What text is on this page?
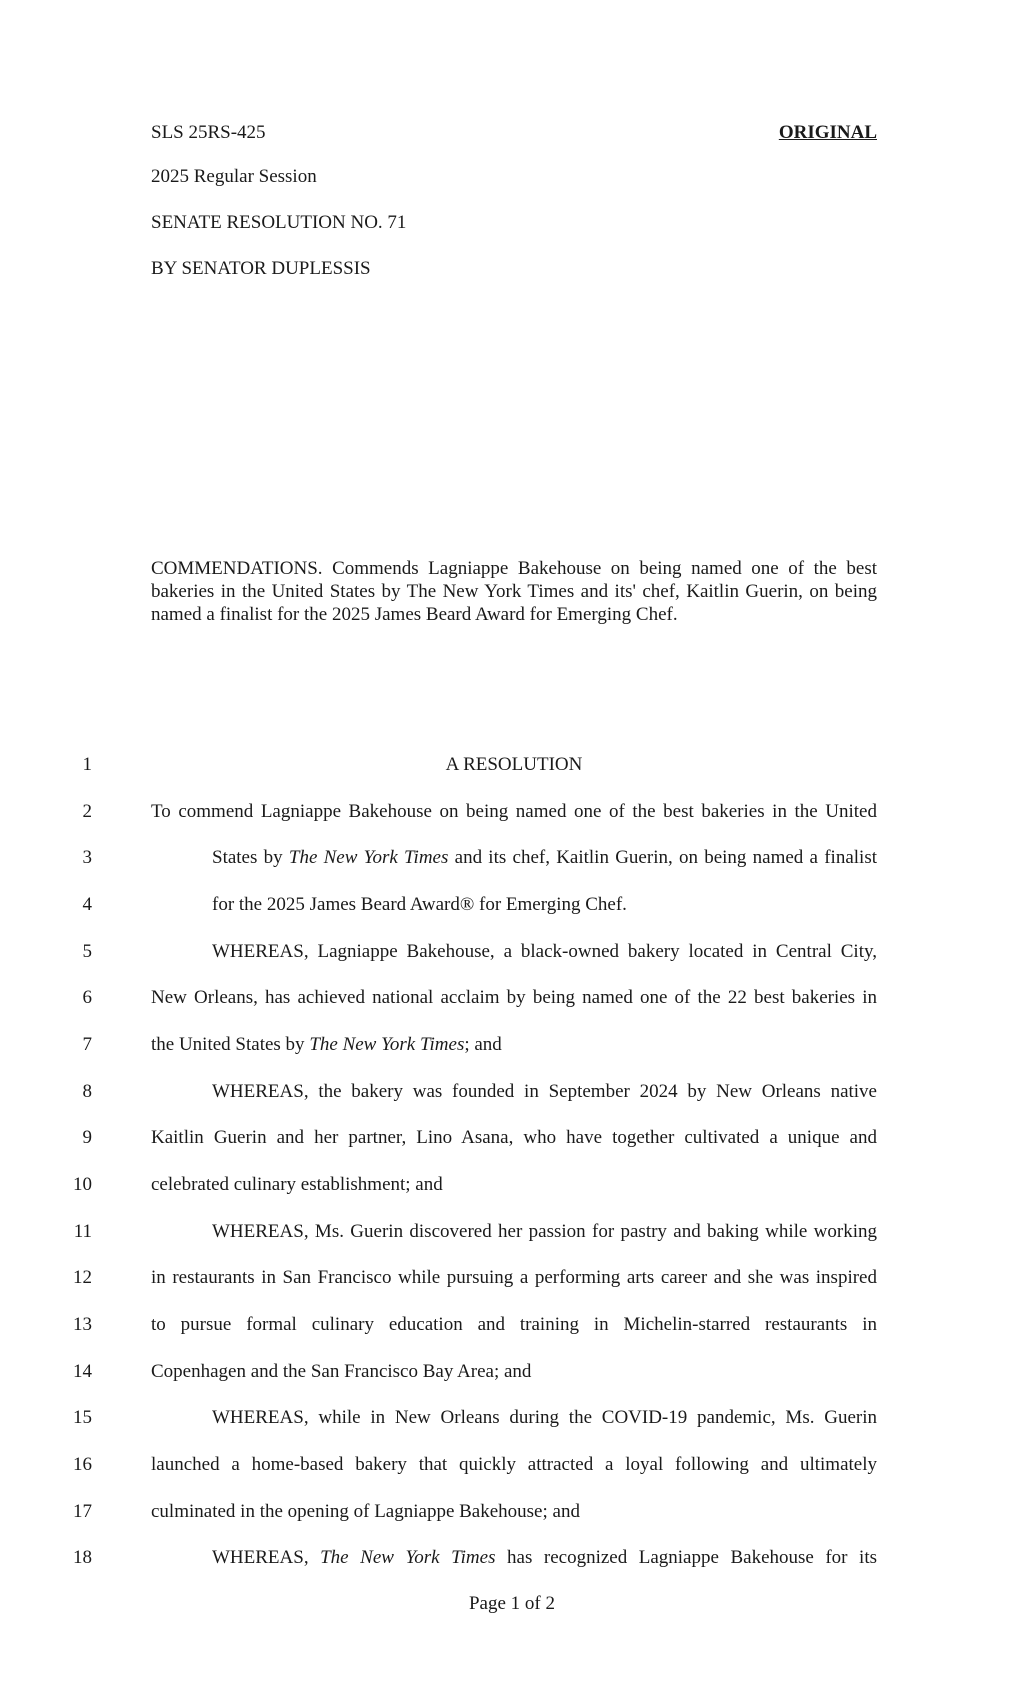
SLS 25RS-425	ORIGINAL
2025 Regular Session
SENATE RESOLUTION NO. 71
BY SENATOR DUPLESSIS
COMMENDATIONS. Commends Lagniappe Bakehouse on being named one of the best bakeries in the United States by The New York Times and its' chef, Kaitlin Guerin, on being named a finalist for the 2025 James Beard Award for Emerging Chef.
1	A RESOLUTION
2	To commend Lagniappe Bakehouse on being named one of the best bakeries in the United
3	States by The New York Times and its chef, Kaitlin Guerin, on being named a finalist
4	for the 2025 James Beard Award® for Emerging Chef.
5	WHEREAS, Lagniappe Bakehouse, a black-owned bakery located in Central City,
6	New Orleans, has achieved national acclaim by being named one of the 22 best bakeries in
7	the United States by The New York Times; and
8	WHEREAS, the bakery was founded in September 2024 by New Orleans native
9	Kaitlin Guerin and her partner, Lino Asana, who have together cultivated a unique and
10	celebrated culinary establishment; and
11	WHEREAS, Ms. Guerin discovered her passion for pastry and baking while working
12	in restaurants in San Francisco while pursuing a performing arts career and she was inspired
13	to pursue formal culinary education and training in Michelin-starred restaurants in
14	Copenhagen and the San Francisco Bay Area; and
15	WHEREAS, while in New Orleans during the COVID-19 pandemic, Ms. Guerin
16	launched a home-based bakery that quickly attracted a loyal following and ultimately
17	culminated in the opening of Lagniappe Bakehouse; and
18	WHEREAS, The New York Times has recognized Lagniappe Bakehouse for its
Page 1 of 2
